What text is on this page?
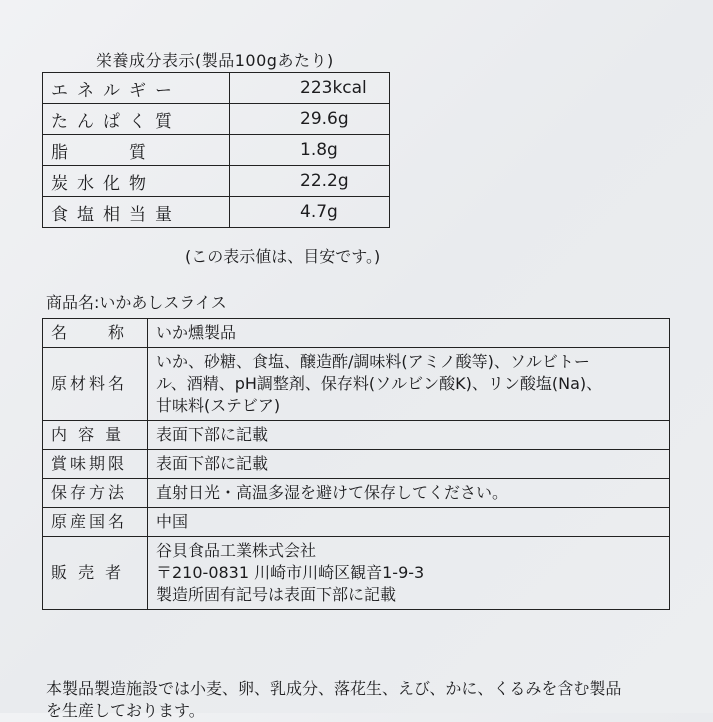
栄養成分表示(製品100gあたり)
エネルギー	223kcal
たんぱく質	29.6g
脂　　質	1.8g
炭水化物	22.2g
食塩相当量	4.7g
(この表示値は、目安です。)
商品名:いかあしスライス
名　　称	いか燻製品

原材料名	いか、砂糖、食塩、醸造酢/調味料(アミノ酸等)、ソルビトー
ル、酒精、pH調整剤、保存料(ソルビン酸K)、リン酸塩(Na)、
甘味料(ステビア)

内 容 量	表面下部に記載

賞味期限	表面下部に記載

保存方法	直射日光・高温多湿を避けて保存してください。

原産国名	中国

販 売 者	谷貝食品工業株式会社
〒210-0831 川崎市川崎区観音1-9-3
製造所固有記号は表面下部に記載
本製品製造施設では小麦、卵、乳成分、落花生、えび、かに、くるみを含む製品
を生産しております。
